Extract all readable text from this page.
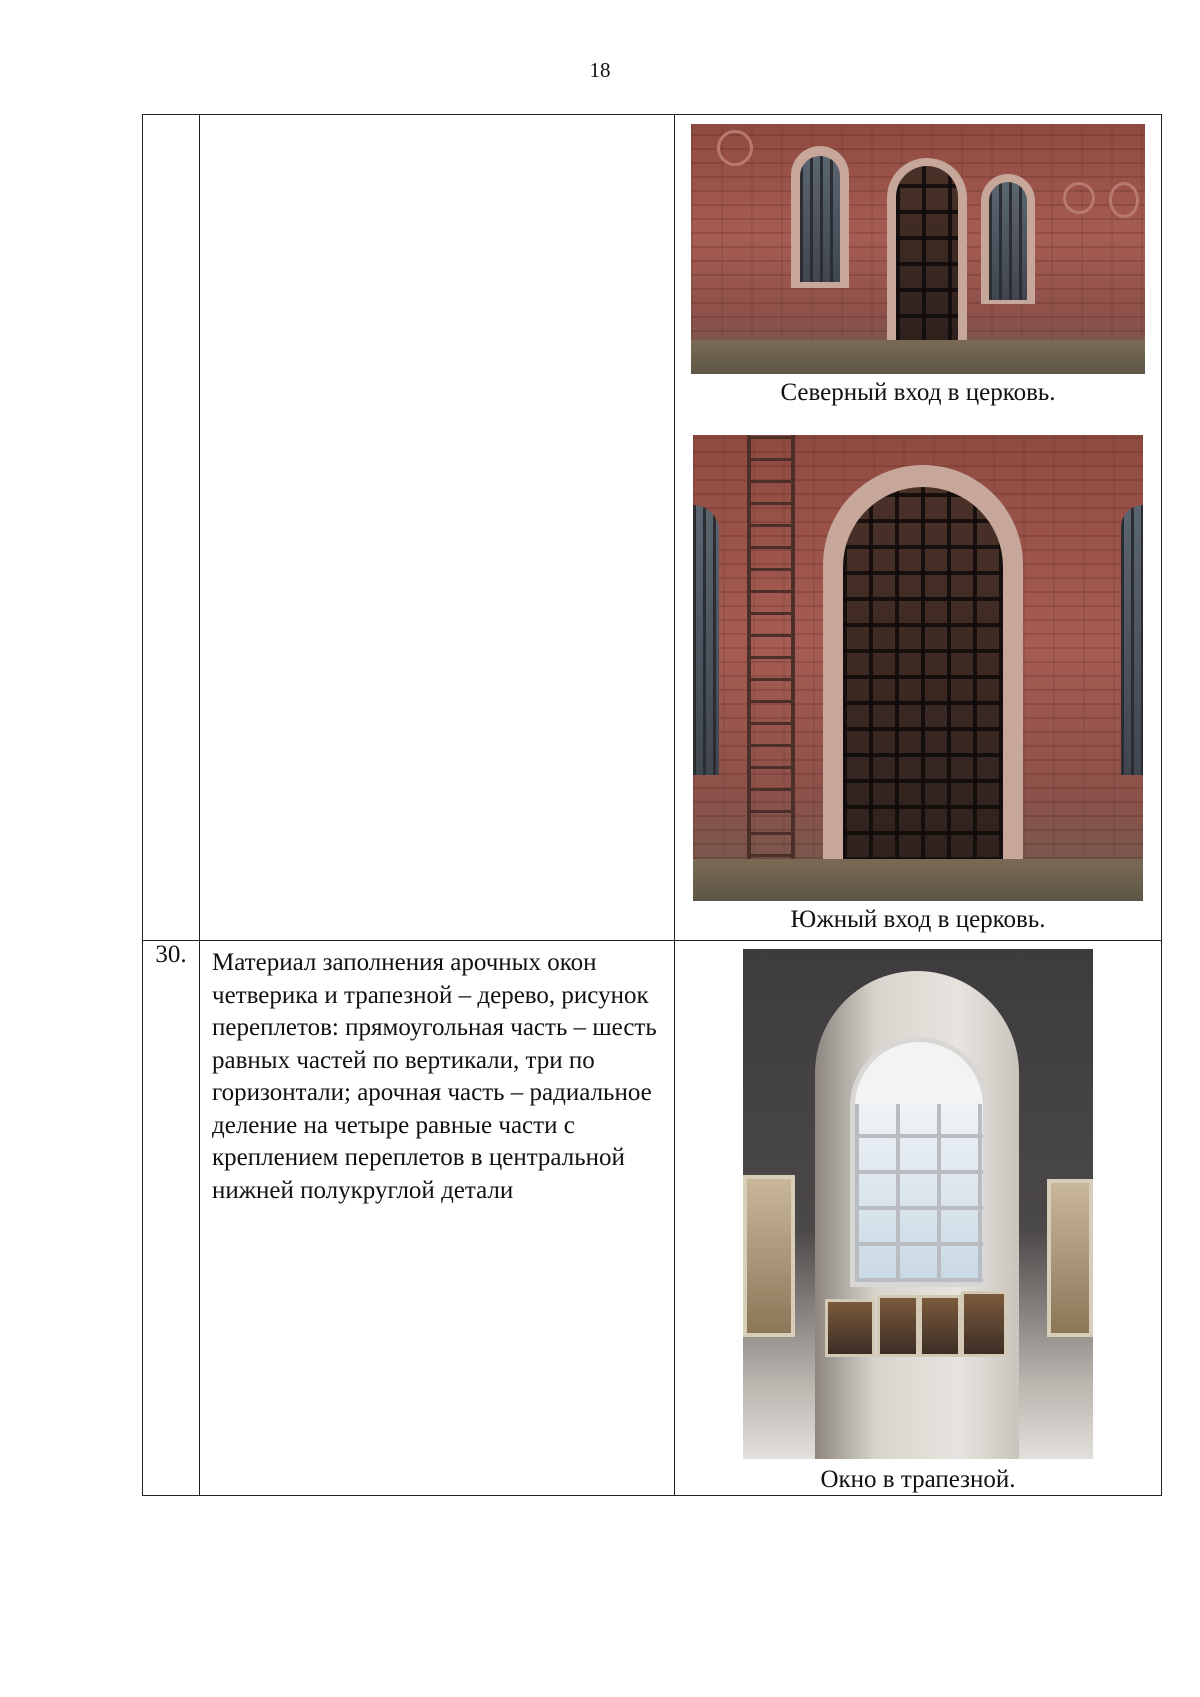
18

		Северный вход в церковь.
Южный вход в церковь.

30.	Материал заполнения арочных окон четверика и трапезной – дерево, рисунок переплетов: прямоугольная часть – шесть равных частей по вертикали, три по горизонтали; арочная часть – радиальное деление на четыре равные части с креплением переплетов в центральной нижней полукруглой детали	Окно в трапезной.
